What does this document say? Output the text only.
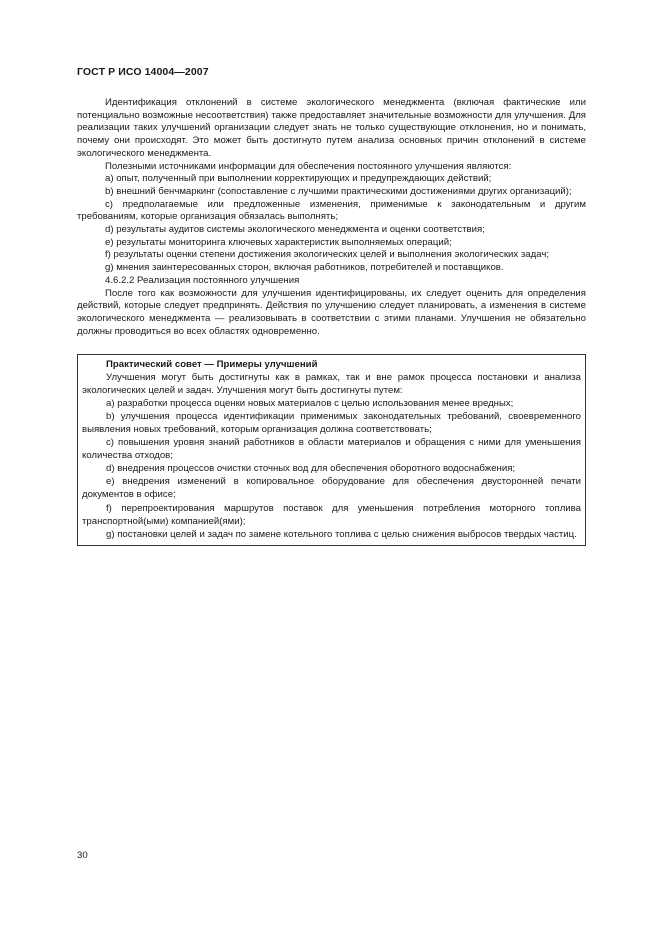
ГОСТ Р ИСО 14004—2007

Идентификация отклонений в системе экологического менеджмента (включая фактические или потенциально возможные несоответствия) также предоставляет значительные возможности для улучшения. Для реализации таких улучшений организации следует знать не только существующие отклонения, но и понимать, почему они происходят. Это может быть достигнуто путем анализа основных причин отклонений в системе экологического менеджмента.

Полезными источниками информации для обеспечения постоянного улучшения являются:

а) опыт, полученный при выполнении корректирующих и предупреждающих действий;

b) внешний бенчмаркинг (сопоставление с лучшими практическими достижениями других организаций);

с) предполагаемые или предложенные изменения, применимые к законодательным и другим требованиям, которые организация обязалась выполнять;

d) результаты аудитов системы экологического менеджмента и оценки соответствия;

е) результаты мониторинга ключевых характеристик выполняемых операций;

f) результаты оценки степени достижения экологических целей и выполнения экологических задач;

g) мнения заинтересованных сторон, включая работников, потребителей и поставщиков.

4.6.2.2 Реализация постоянного улучшения

После того как возможности для улучшения идентифицированы, их следует оценить для определения действий, которые следует предпринять. Действия по улучшению следует планировать, а изменения в системе экологического менеджмента — реализовывать в соответствии с этими планами. Улучшения не обязательно должны проводиться во всех областях одновременно.

Практический совет — Примеры улучшений

Улучшения могут быть достигнуты как в рамках, так и вне рамок процесса постановки и анализа экологических целей и задач. Улучшения могут быть достигнуты путем:

а) разработки процесса оценки новых материалов с целью использования менее вредных;

b) улучшения процесса идентификации применимых законодательных требований, своевременного выявления новых требований, которым организация должна соответствовать;

с) повышения уровня знаний работников в области материалов и обращения с ними для уменьшения количества отходов;

d) внедрения процессов очистки сточных вод для обеспечения оборотного водоснабжения;

е) внедрения изменений в копировальное оборудование для обеспечения двусторонней печати документов в офисе;

f) перепроектирования маршрутов поставок для уменьшения потребления моторного топлива транспортной(ыми) компанией(ями);

g) постановки целей и задач по замене котельного топлива с целью снижения выбросов твердых частиц.

30
